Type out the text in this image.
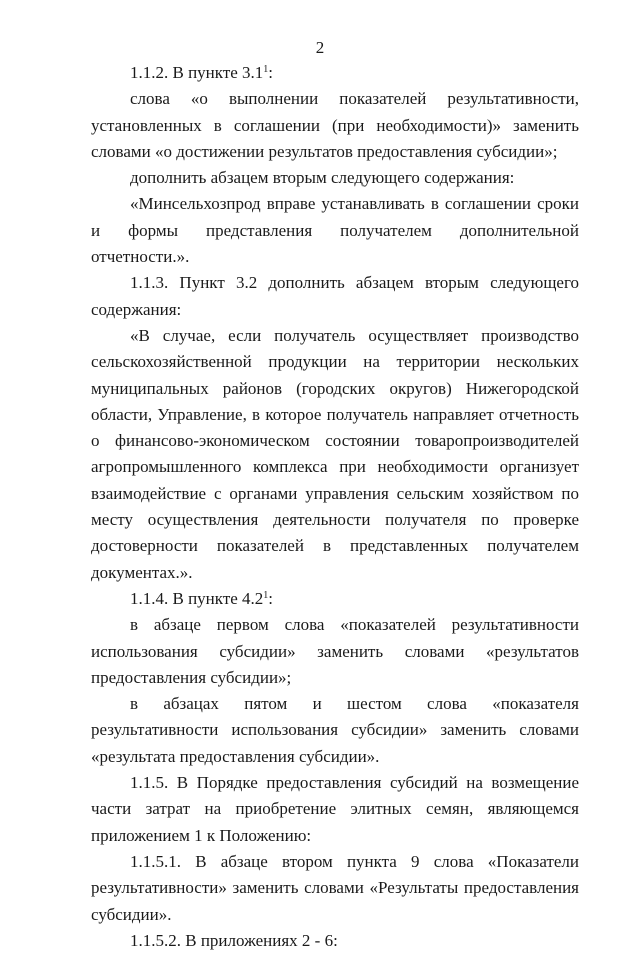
2

1.1.2. В пункте $3.1^1$:

слова «о выполнении показателей результативности, установленных в соглашении (при необходимости)» заменить словами «о достижении результатов предоставления субсидии»;

дополнить абзацем вторым следующего содержания:

«Минсельхозпрод вправе устанавливать в соглашении сроки и формы представления получателем дополнительной отчетности.».

1.1.3. Пункт 3.2 дополнить абзацем вторым следующего содержания:

«В случае, если получатель осуществляет производство сельскохозяйственной продукции на территории нескольких муниципальных районов (городских округов) Нижегородской области, Управление, в которое получатель направляет отчетность о финансово-экономическом состоянии товаропроизводителей агропромышленного комплекса при необходимости организует взаимодействие с органами управления сельским хозяйством по месту осуществления деятельности получателя по проверке достоверности показателей в представленных получателем документах.».

1.1.4. В пункте $4.2^1$:

в абзаце первом слова «показателей результативности использования субсидии» заменить словами «результатов предоставления субсидии»;

в абзацах пятом и шестом слова «показателя результативности использования субсидии» заменить словами «результата предоставления субсидии».

1.1.5. В Порядке предоставления субсидий на возмещение части затрат на приобретение элитных семян, являющемся приложением 1 к Положению:

1.1.5.1. В абзаце втором пункта 9 слова «Показатели результативности» заменить словами «Результаты предоставления субсидии».

1.1.5.2. В приложениях 2 - 6:
